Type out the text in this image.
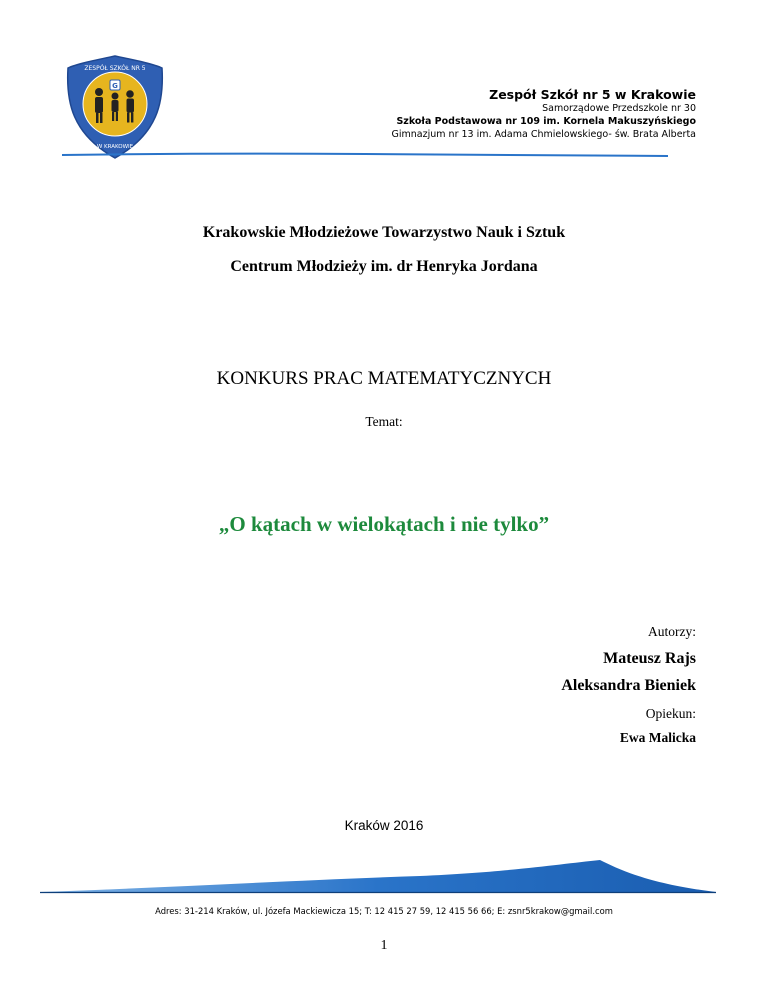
ZESPÓŁ SZKÓŁ NR 5
W KRAKOWIE
G
Zespół Szkół nr 5 w Krakowie
Samorządowe Przedszkole nr 30
Szkoła Podstawowa nr 109 im. Kornela Makuszyńskiego
Gimnazjum nr 13 im. Adama Chmielowskiego- św. Brata Alberta
Krakowskie Młodzieżowe Towarzystwo Nauk i Sztuk
Centrum Młodzieży im. dr Henryka Jordana
KONKURS PRAC MATEMATYCZNYCH
Temat:
„O kątach w wielokątach i nie tylko”
Autorzy:
Mateusz Rajs
Aleksandra Bieniek
Opiekun:
Ewa Malicka
Kraków 2016
Adres: 31-214 Kraków, ul. Józefa Mackiewicza 15; T: 12 415 27 59, 12 415 56 66; E: zsnr5krakow@gmail.com
1
